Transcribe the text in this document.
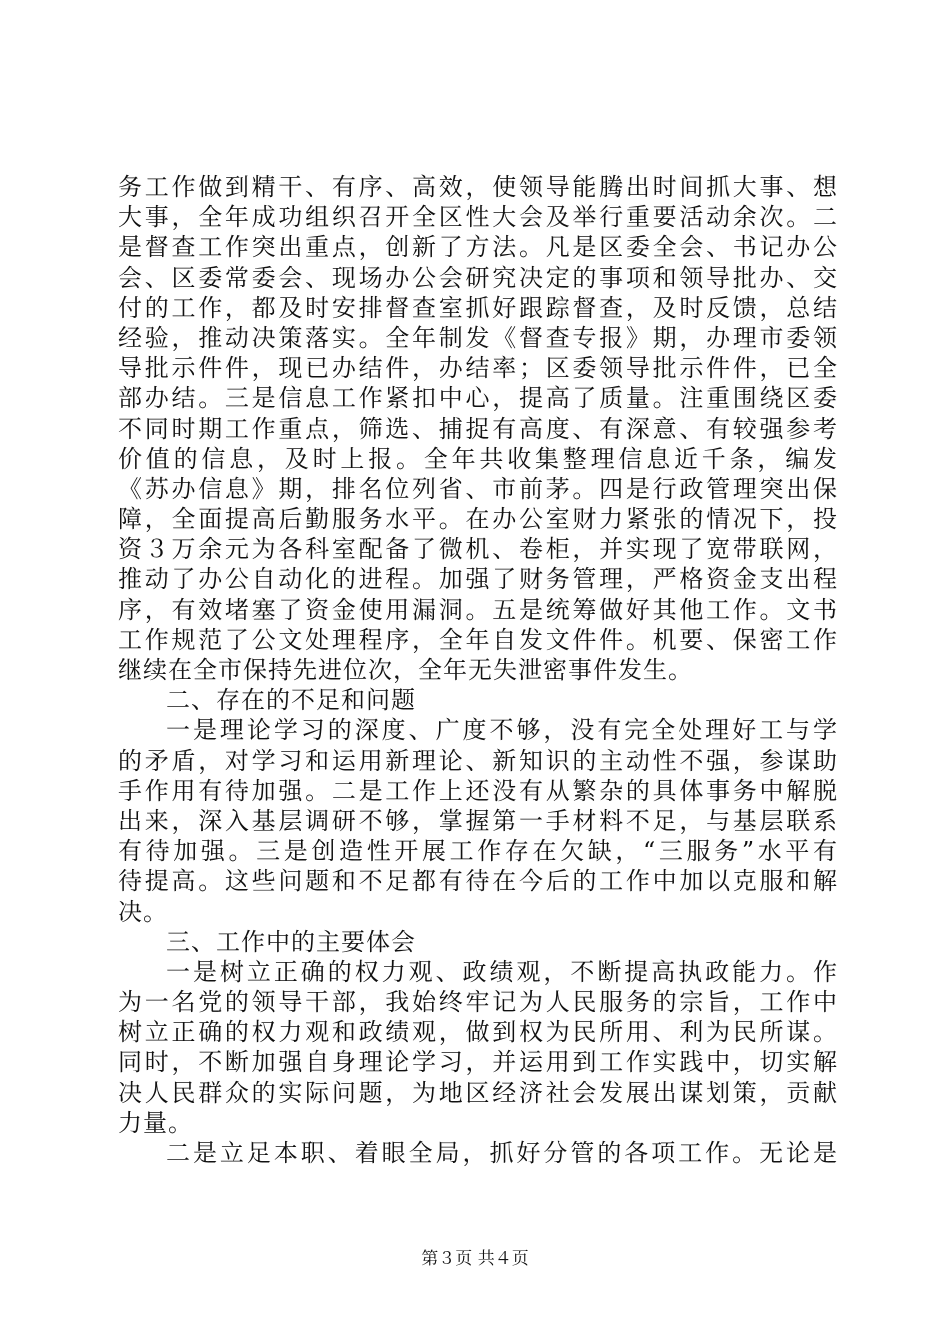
务工作做到精干、有序、高效，使领导能腾出时间抓大事、想
大事，全年成功组织召开全区性大会及举行重要活动余次。二
是督查工作突出重点，创新了方法。凡是区委全会、书记办公
会、区委常委会、现场办公会研究决定的事项和领导批办、交
付的工作，都及时安排督查室抓好跟踪督查，及时反馈，总结
经验，推动决策落实。全年制发《督查专报》期，办理市委领
导批示件件，现已办结件，办结率；区委领导批示件件，已全
部办结。三是信息工作紧扣中心，提高了质量。注重围绕区委
不同时期工作重点，筛选、捕捉有高度、有深意、有较强参考
价值的信息，及时上报。全年共收集整理信息近千条，编发
《苏办信息》期，排名位列省、市前茅。四是行政管理突出保
障，全面提高后勤服务水平。在办公室财力紧张的情况下，投
资３万余元为各科室配备了微机、卷柜，并实现了宽带联网，
推动了办公自动化的进程。加强了财务管理，严格资金支出程
序，有效堵塞了资金使用漏洞。五是统筹做好其他工作。文书
工作规范了公文处理程序，全年自发文件件。机要、保密工作
继续在全市保持先进位次，全年无失泄密事件发生。
二、存在的不足和问题
一是理论学习的深度、广度不够，没有完全处理好工与学
的矛盾，对学习和运用新理论、新知识的主动性不强，参谋助
手作用有待加强。二是工作上还没有从繁杂的具体事务中解脱
出来，深入基层调研不够，掌握第一手材料不足，与基层联系
有待加强。三是创造性开展工作存在欠缺，“三服务”水平有
待提高。这些问题和不足都有待在今后的工作中加以克服和解
决。
三、工作中的主要体会
一是树立正确的权力观、政绩观，不断提高执政能力。作
为一名党的领导干部，我始终牢记为人民服务的宗旨，工作中
树立正确的权力观和政绩观，做到权为民所用、利为民所谋。
同时，不断加强自身理论学习，并运用到工作实践中，切实解
决人民群众的实际问题，为地区经济社会发展出谋划策，贡献
力量。
二是立足本职、着眼全局，抓好分管的各项工作。无论是
第３页 共４页
